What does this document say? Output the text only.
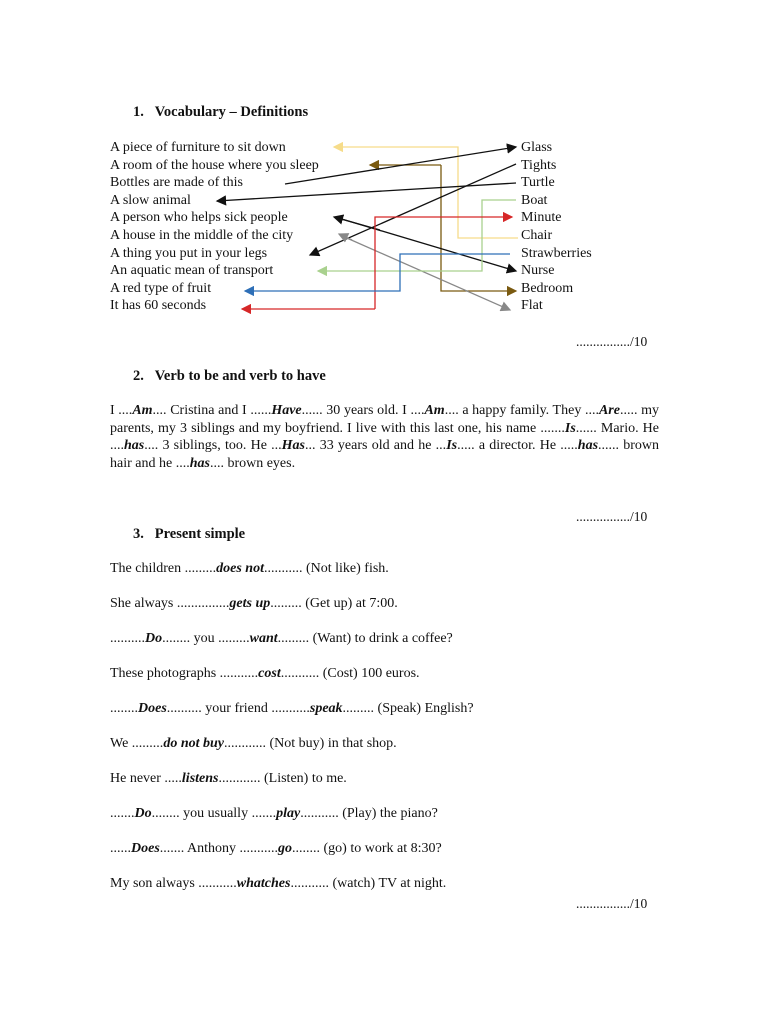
1. Vocabulary – Definitions
A piece of furniture to sit down
A room of the house where you sleep
Bottles are made of this
A slow animal
A person who helps sick people
A house in the middle of the city
A thing you put in your legs
An aquatic mean of transport
A red type of fruit
It has 60 seconds
Glass
Tights
Turtle
Boat
Minute
Chair
Strawberries
Nurse
Bedroom
Flat
................/10
2. Verb to be and verb to have
I ....Am.... Cristina and I ......Have...... 30 years old. I ....Am.... a happy family. They ....Are..... my parents, my 3 siblings and my boyfriend. I live with this last one, his name .......Is...... Mario. He ....has.... 3 siblings, too. He ...Has... 33 years old and he ...Is..... a director. He .....has...... brown hair and he ....has.... brown eyes.
................/10
3. Present simple
The children .........does not........... (Not like) fish.
She always ...............gets up......... (Get up) at 7:00.
..........Do........ you .........want......... (Want) to drink a coffee?
These photographs ...........cost........... (Cost) 100 euros.
........Does.......... your friend ...........speak......... (Speak) English?
We .........do not buy............ (Not buy) in that shop.
He never .....listens............ (Listen) to me.
.......Do........ you usually .......play........... (Play) the piano?
......Does....... Anthony ...........go........ (go) to work at 8:30?
My son always ...........whatches........... (watch) TV at night.
................/10
